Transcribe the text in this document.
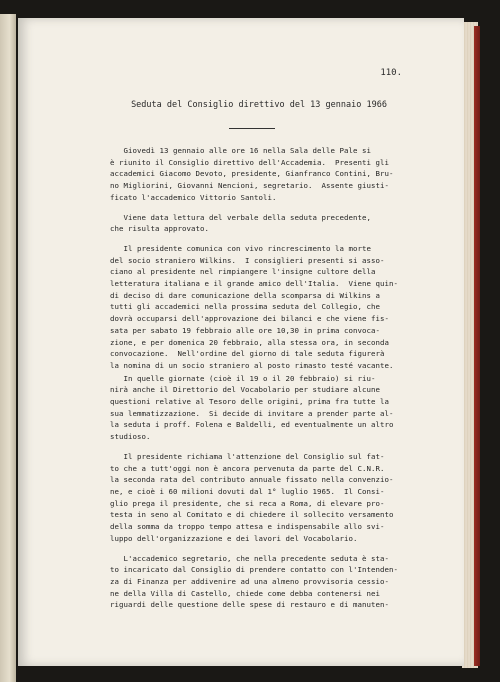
110.

Seduta del Consiglio direttivo del 13 gennaio 1966

Giovedì 13 gennaio alle ore 16 nella Sala delle Pale si
è riunito il Consiglio direttivo dell'Accademia.  Presenti gli
accademici Giacomo Devoto, presidente, Gianfranco Contini, Bru-
no Migliorini, Giovanni Nencioni, segretario.  Assente giusti-
ficato l'accademico Vittorio Santoli.

Viene data lettura del verbale della seduta precedente,
che risulta approvato.

Il presidente comunica con vivo rincrescimento la morte
del socio straniero Wilkins.  I consiglieri presenti si asso-
ciano al presidente nel rimpiangere l'insigne cultore della
letteratura italiana e il grande amico dell'Italia.  Viene quin-
di deciso di dare comunicazione della scomparsa di Wilkins a
tutti gli accademici nella prossima seduta del Collegio, che
dovrà occuparsi dell'approvazione dei bilanci e che viene fis-
sata per sabato 19 febbraio alle ore 10,30 in prima convoca-
zione, e per domenica 20 febbraio, alla stessa ora, in seconda
convocazione.  Nell'ordine del giorno di tale seduta figurerà
la nomina di un socio straniero al posto rimasto testé vacante.

In quelle giornate (cioè il 19 o il 20 febbraio) si riu-
nirà anche il Direttorio del Vocabolario per studiare alcune
questioni relative al Tesoro delle origini, prima fra tutte la
sua lemmatizzazione.  Si decide di invitare a prender parte al-
la seduta i proff. Folena e Baldelli, ed eventualmente un altro
studioso.

Il presidente richiama l'attenzione del Consiglio sul fat-
to che a tutt'oggi non è ancora pervenuta da parte del C.N.R.
la seconda rata del contributo annuale fissato nella convenzio-
ne, e cioè i 60 milioni dovuti dal 1° luglio 1965.  Il Consi-
glio prega il presidente, che si reca a Roma, di elevare pro-
testa in seno al Comitato e di chiedere il sollecito versamento
della somma da troppo tempo attesa e indispensabile allo svi-
luppo dell'organizzazione e dei lavori del Vocabolario.

L'accademico segretario, che nella precedente seduta è sta-
to incaricato dal Consiglio di prendere contatto con l'Intenden-
za di Finanza per addivenire ad una almeno provvisoria cessio-
ne della Villa di Castello, chiede come debba contenersi nei
riguardi delle questione delle spese di restauro e di manuten-
